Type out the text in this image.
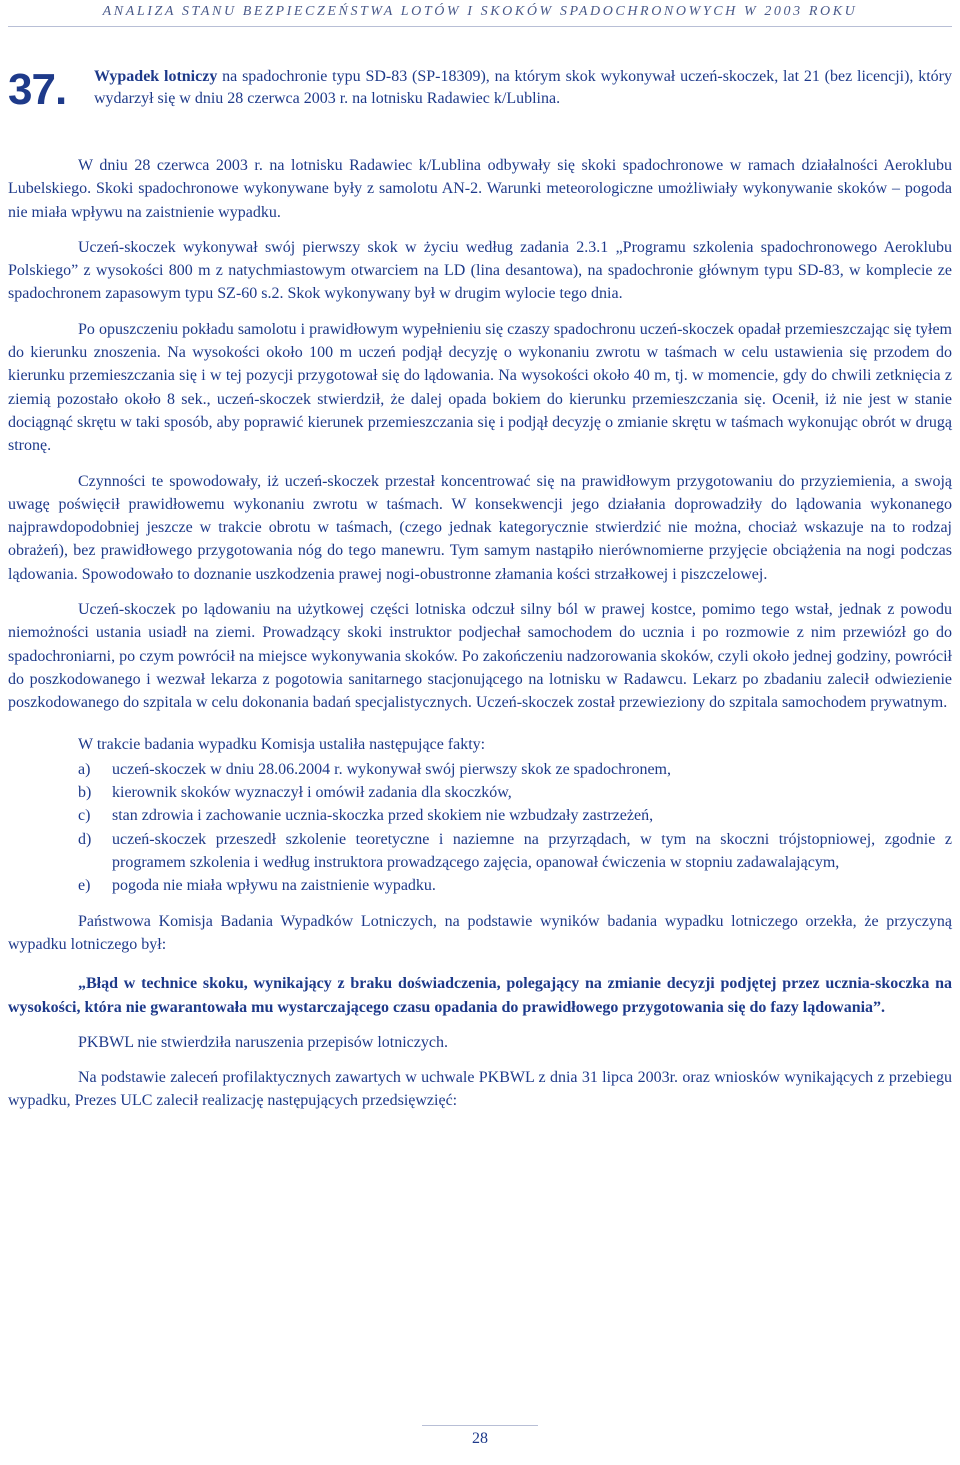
ANALIZA STANU BEZPIECZEŃSTWA LOTÓW I SKOKÓW SPADOCHRONOWYCH W 2003 ROKU
37. Wypadek lotniczy na spadochronie typu SD-83 (SP-18309), na którym skok wykonywał uczeń-skoczek, lat 21 (bez licencji), który wydarzył się w dniu 28 czerwca 2003 r. na lotnisku Radawiec k/Lublina.

W dniu 28 czerwca 2003 r. na lotnisku Radawiec k/Lublina odbywały się skoki spadochronowe w ramach działalności Aeroklubu Lubelskiego. Skoki spadochronowe wykonywane były z samolotu AN-2. Warunki meteorologiczne umożliwiały wykonywanie skoków – pogoda nie miała wpływu na zaistnienie wypadku.

Uczeń-skoczek wykonywał swój pierwszy skok w życiu według zadania 2.3.1 „Programu szkolenia spadochronowego Aeroklubu Polskiego” z wysokości 800 m z natychmiastowym otwarciem na LD (lina desantowa), na spadochronie głównym typu SD-83, w komplecie ze spadochronem zapasowym typu SZ-60 s.2. Skok wykonywany był w drugim wylocie tego dnia.

Po opuszczeniu pokładu samolotu i prawidłowym wypełnieniu się czaszy spadochronu uczeń-skoczek opadał przemieszczając się tyłem do kierunku znoszenia. Na wysokości około 100 m uczeń podjął decyzję o wykonaniu zwrotu w taśmach w celu ustawienia się przodem do kierunku przemieszczania się i w tej pozycji przygotował się do lądowania. Na wysokości około 40 m, tj. w momencie, gdy do chwili zetknięcia z ziemią pozostało około 8 sek., uczeń-skoczek stwierdził, że dalej opada bokiem do kierunku przemieszczania się. Ocenił, iż nie jest w stanie dociągnąć skrętu w taki sposób, aby poprawić kierunek przemieszczania się i podjął decyzję o zmianie skrętu w taśmach wykonując obrót w drugą stronę.

Czynności te spowodowały, iż uczeń-skoczek przestał koncentrować się na prawidłowym przygotowaniu do przyziemienia, a swoją uwagę poświęcił prawidłowemu wykonaniu zwrotu w taśmach. W konsekwencji jego działania doprowadziły do lądowania wykonanego najprawdopodobniej jeszcze w trakcie obrotu w taśmach, (czego jednak kategorycznie stwierdzić nie można, chociaż wskazuje na to rodzaj obrażeń), bez prawidłowego przygotowania nóg do tego manewru. Tym samym nastąpiło nierównomierne przyjęcie obciążenia na nogi podczas lądowania. Spowodowało to doznanie uszkodzenia prawej nogi-obustronne złamania kości strzałkowej i piszczelowej.

Uczeń-skoczek po lądowaniu na użytkowej części lotniska odczuł silny ból w prawej kostce, pomimo tego wstał, jednak z powodu niemożności ustania usiadł na ziemi. Prowadzący skoki instruktor podjechał samochodem do ucznia i po rozmowie z nim przewiózł go do spadochroniarni, po czym powrócił na miejsce wykonywania skoków. Po zakończeniu nadzorowania skoków, czyli około jednej godziny, powrócił do poszkodowanego i wezwał lekarza z pogotowia sanitarnego stacjonującego na lotnisku w Radawcu. Lekarz po zbadaniu zalecił odwiezienie poszkodowanego do szpitala w celu dokonania badań specjalistycznych. Uczeń-skoczek został przewieziony do szpitala samochodem prywatnym.

W trakcie badania wypadku Komisja ustaliła następujące fakty:

a) uczeń-skoczek w dniu 28.06.2004 r. wykonywał swój pierwszy skok ze spadochronem,
b) kierownik skoków wyznaczył i omówił zadania dla skoczków,
c) stan zdrowia i zachowanie ucznia-skoczka przed skokiem nie wzbudzały zastrzeżeń,
d) uczeń-skoczek przeszedł szkolenie teoretyczne i naziemne na przyrządach, w tym na skoczni trójstopniowej, zgodnie z programem szkolenia i według instruktora prowadzącego zajęcia, opanował ćwiczenia w stopniu zadawalającym,
e) pogoda nie miała wpływu na zaistnienie wypadku.

Państwowa Komisja Badania Wypadków Lotniczych, na podstawie wyników badania wypadku lotniczego orzekła, że przyczyną wypadku lotniczego był:

„Błąd w technice skoku, wynikający z braku doświadczenia, polegający na zmianie decyzji podjętej przez ucznia-skoczka na wysokości, która nie gwarantowała mu wystarczającego czasu opadania do prawidłowego przygotowania się do fazy lądowania”.

PKBWL nie stwierdziła naruszenia przepisów lotniczych.

Na podstawie zaleceń profilaktycznych zawartych w uchwale PKBWL z dnia 31 lipca 2003r. oraz wniosków wynikających z przebiegu wypadku, Prezes ULC zalecił realizację następujących przedsięwzięć:

28
